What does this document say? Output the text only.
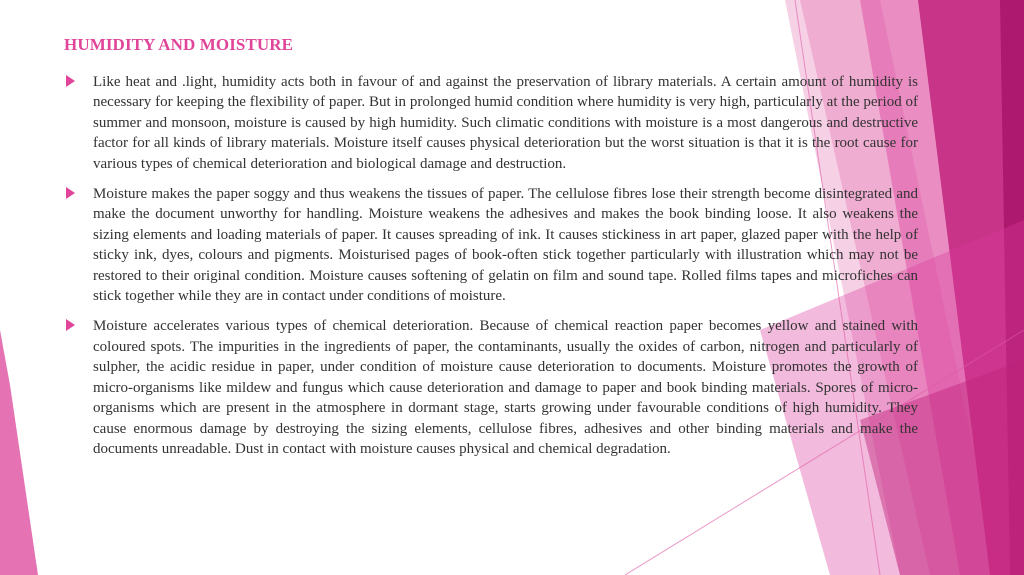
HUMIDITY AND MOISTURE
Like heat and .light, humidity acts both in favour of and against the preservation of library materials. A certain amount of humidity is necessary for keeping the flexibility of paper. But in prolonged humid condition where humidity is very high, particularly at the period of summer and monsoon, moisture is caused by high humidity. Such climatic conditions with moisture is a most dangerous and destructive factor for all kinds of library materials. Moisture itself causes physical deterioration but the worst situation is that it is the root cause for various types of chemical deterioration and biological damage and destruction.
Moisture makes the paper soggy and thus weakens the tissues of paper. The cellulose fibres lose their strength become disintegrated and make the document unworthy for handling. Moisture weakens the adhesives and makes the book binding loose. It also weakens the sizing elements and loading materials of paper. It causes spreading of ink. It causes stickiness in art paper, glazed paper with the help of sticky ink, dyes, colours and pigments. Moisturised pages of book-often stick together particularly with illustration which may not be restored to their original condition. Moisture causes softening of gelatin on film and sound tape. Rolled films tapes and microfiches can stick together while they are in contact under conditions of moisture.
Moisture accelerates various types of chemical deterioration. Because of chemical reaction paper becomes yellow and stained with coloured spots. The impurities in the ingredients of paper, the contaminants, usually the oxides of carbon, nitrogen and particularly of sulpher, the acidic residue in paper, under condition of moisture cause deterioration to documents. Moisture promotes the growth of micro-organisms like mildew and fungus which cause deterioration and damage to paper and book binding materials. Spores of micro-organisms which are present in the atmosphere in dormant stage, starts growing under favourable conditions of high humidity. They cause enormous damage by destroying the sizing elements, cellulose fibres, adhesives and other binding materials and make the documents unreadable. Dust in contact with moisture causes physical and chemical degradation.
